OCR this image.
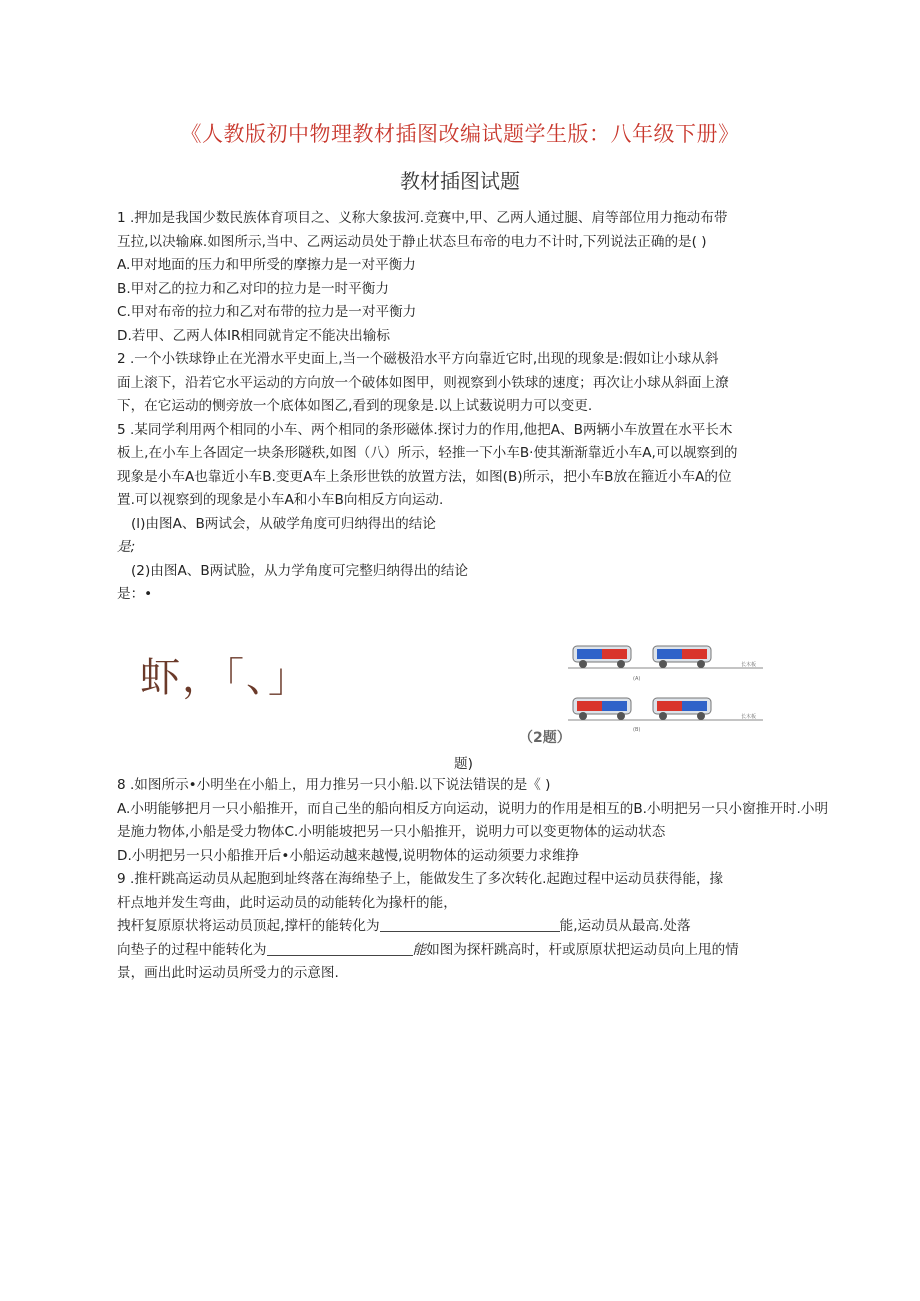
《人教版初中物理教材插图改编试题学生版：八年级下册》
教材插图试题
1 .押加是我国少数民族体育项目之、义称大象拔河.竞赛中,甲、乙两人通过腿、肩等部位用力拖动布带
互拉,以决输麻.如图所示,当中、乙两运动员处于静止状态旦布帝的电力不计时,下列说法正确的是( )
A.甲对地面的压力和甲所受的摩擦力是一对平衡力
B.甲对乙的拉力和乙对印的拉力是一时平衡力
C.甲对布帝的拉力和乙对布带的拉力是一对平衡力
D.若甲、乙两人体IR相同就肯定不能决出输标
2 .一个小铁球铮止在光滑水平史面上,当一个磁极沿水平方向靠近它时,出现的现象是:假如让小球从斜
面上滚下，沿若它水平运动的方向放一个破体如图甲，则视察到小铁球的速度；再次让小球从斜面上潦
下，在它运动的恻旁放一个底体如图乙,看到的现象是.以上试薮说明力可以变更.
5 .某同学利用两个相同的小车、两个相同的条形磁体.探讨力的作用,他把A、B两辆小车放置在水平长木
板上,在小车上各固定一块条形隧秩,如图（八）所示，轻推一下小车B·使其渐渐靠近小车A,可以觇察到的
现象是小车A也靠近小车B.变更A车上条形世铁的放置方法，如图(B)所示，把小车B放在箍近小车A的位
置.可以视察到的现象是小车A和小车B向相反方向运动.
(l)由图A、B两试会，从破学角度可归纳得出的结论
是;
(2)由图A、B两试脸，从力学角度可完整归纳得出的结论
是：•
虾，「、」	(A)
长木板
(B)
长木板
（2题）
题)
8 .如图所示•小明坐在小船上，用力推另一只小船.以下说法错误的是《 )
A.小明能够把月一只小船推开，而自己坐的船向相反方向运动，说明力的作用是相互的B.小明把另一只小窗推开时.小明是施力物体,小船是受力物体C.小明能坡把另一只小船推开，说明力可以变更物体的运动状态
D.小明把另一只小船推开后•小船运动越来越慢,说明物体的运动须要力求维挣
9 .推杆跳高运动员从起胞到址终落在海绵垫子上，能做发生了多次转化.起跑过程中运动员获得能，掾
杆点地并发生弯曲，此时运动员的动能转化为掾杆的能，
拽杆复原原状将运动员顶起,撑杆的能转化为	能,运动员从最高.处落
向垫子的过程中能转化为	能如图为探杆跳高时，杆或原原状把运动员向上甩的情
景，画出此时运动员所受力的示意图.
